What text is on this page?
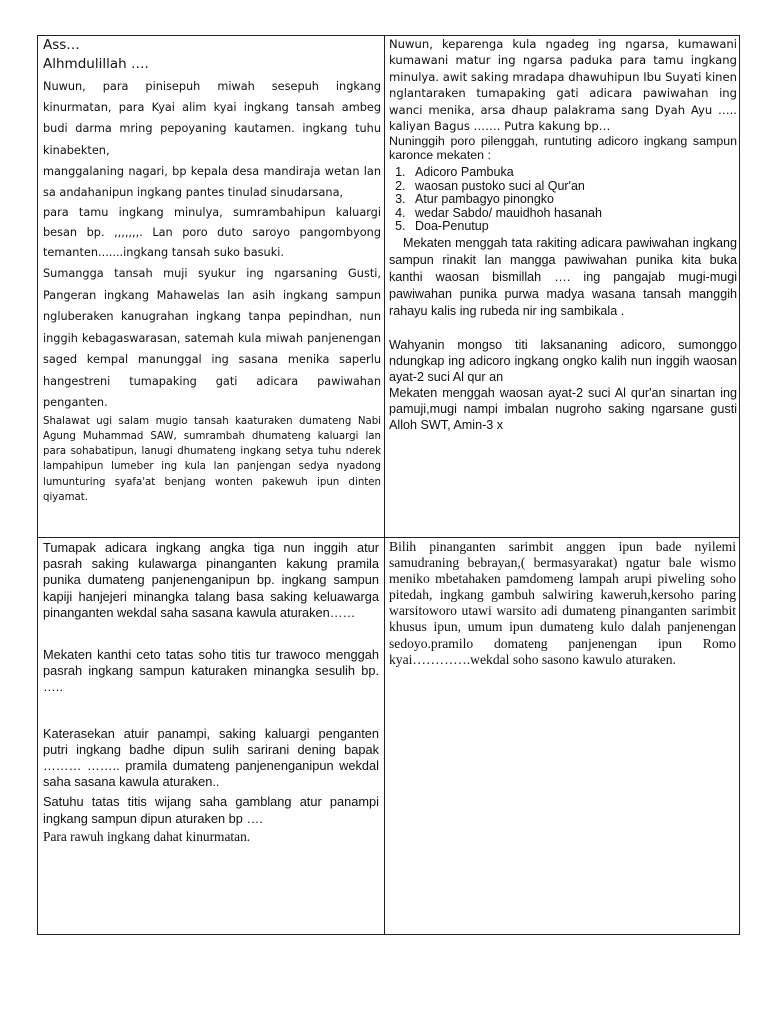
Ass…

Alhmdulillah ….

Nuwun, para pinisepuh miwah sesepuh ingkang kinurmatan, para Kyai alim kyai ingkang tansah ambeg budi darma mring pepoyaning kautamen. ingkang tuhu kinabekten,

manggalaning nagari, bp kepala desa mandiraja wetan lan sa andahanipun ingkang pantes tinulad sinudarsana,

para tamu ingkang minulya, sumrambahipun kaluargi besan bp. ,,,,,,,. Lan poro duto saroyo pangombyong temanten.......ingkang tansah suko basuki.

Sumangga tansah muji syukur ing ngarsaning Gusti, Pangeran ingkang Mahawelas lan asih ingkang sampun ngluberaken kanugrahan ingkang tanpa pepindhan, nun inggih kebagaswarasan, satemah kula miwah panjenengan saged kempal manunggal ing sasana menika saperlu hangestreni tumapaking gati adicara pawiwahan penganten.

Shalawat ugi salam mugio tansah kaaturaken dumateng Nabi Agung Muhammad SAW, sumrambah dhumateng kaluargi lan para sohabatipun, lanugi dhumateng ingkang setya tuhu nderek lampahipun lumeber ing kula lan panjengan sedya nyadong lumunturing syafa'at benjang wonten pakewuh ipun dinten qiyamat.

Nuwun, keparenga kula ngadeg ing ngarsa, kumawani kumawani matur ing ngarsa paduka para tamu ingkang minulya. awit saking mradapa dhawuhipun Ibu Suyati kinen nglantaraken tumapaking gati adicara pawiwahan ing wanci menika, arsa dhaup palakrama sang Dyah Ayu ….. kaliyan Bagus ……. Putra kakung bp…

Nuninggih poro pilenggah, runtuting adicoro ingkang sampun karonce mekaten :

1. Adicoro Pambuka
2. waosan pustoko suci al Qur'an
3. Atur pambagyo pinongko
4. wedar Sabdo/ mauidhoh hasanah
5. Doa-Penutup

Mekaten menggah tata rakiting adicara pawiwahan ingkang sampun rinakit lan mangga pawiwahan punika kita buka kanthi waosan bismillah …. ing pangajab mugi-mugi pawiwahan punika purwa madya wasana tansah manggih rahayu kalis ing rubeda nir ing sambikala .

Wahyanin mongso titi laksananing adicoro, sumonggo ndungkap ing adicoro ingkang ongko kalih nun inggih waosan ayat-2 suci Al qur an

Mekaten menggah waosan ayat-2 suci Al qur'an sinartan ing pamuji,mugi nampi imbalan nugroho saking ngarsane gusti Alloh SWT, Amin-3 x

Tumapak adicara ingkang angka tiga nun inggih atur pasrah saking kulawarga pinanganten kakung pramila punika dumateng panjenenganipun bp. ingkang sampun kapiji hanjejeri minangka talang basa saking keluawarga pinanganten wekdal saha sasana kawula aturaken……

Mekaten kanthi ceto tatas soho titis tur trawoco menggah pasrah ingkang sampun katuraken minangka sesulih bp. …..

Katerasekan atuir panampi, saking kaluargi penganten putri ingkang badhe dipun sulih sarirani dening bapak ……… …….. pramila dumateng panjenenganipun wekdal saha sasana kawula aturaken..

Satuhu tatas titis wijang saha gamblang atur panampi ingkang sampun dipun aturaken bp ….

Para rawuh ingkang dahat kinurmatan.

Bilih pinanganten sarimbit anggen ipun bade nyilemi samudraning bebrayan,( bermasyarakat) ngatur bale wismo meniko mbetahaken pamdomeng lampah arupi piweling soho pitedah, ingkang gambuh salwiring kaweruh,kersoho paring warsitoworo utawi warsito adi dumateng pinanganten sarimbit khusus ipun, umum ipun dumateng kulo dalah panjenengan sedoyo.pramilo domateng panjenengan ipun Romo kyai………….wekdal soho sasono kawulo aturaken.
